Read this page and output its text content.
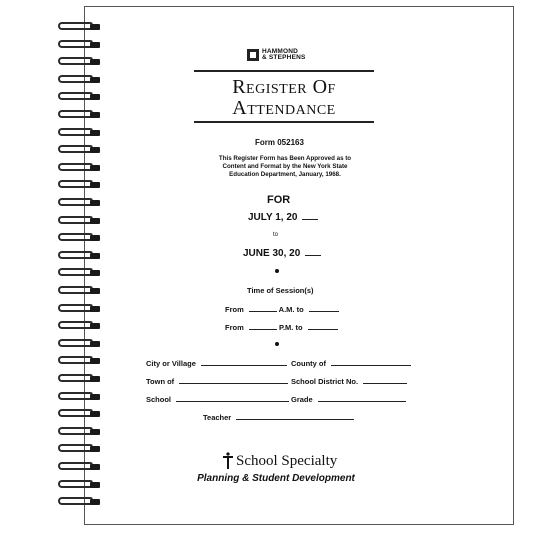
HAMMOND
& STEPHENS
Register Of
Attendance
Form 052163
This Register Form has Been Approved as to
Content and Format by the New York State
Education Department, January, 1968.
FOR
JULY 1, 20
to
JUNE 30, 20
Time of Session(s)
From	A.M. to
From	P.M. to
City or Village	County of
Town of	School District No.
School	Grade
Teacher
School Specialty
Planning & Student Development
